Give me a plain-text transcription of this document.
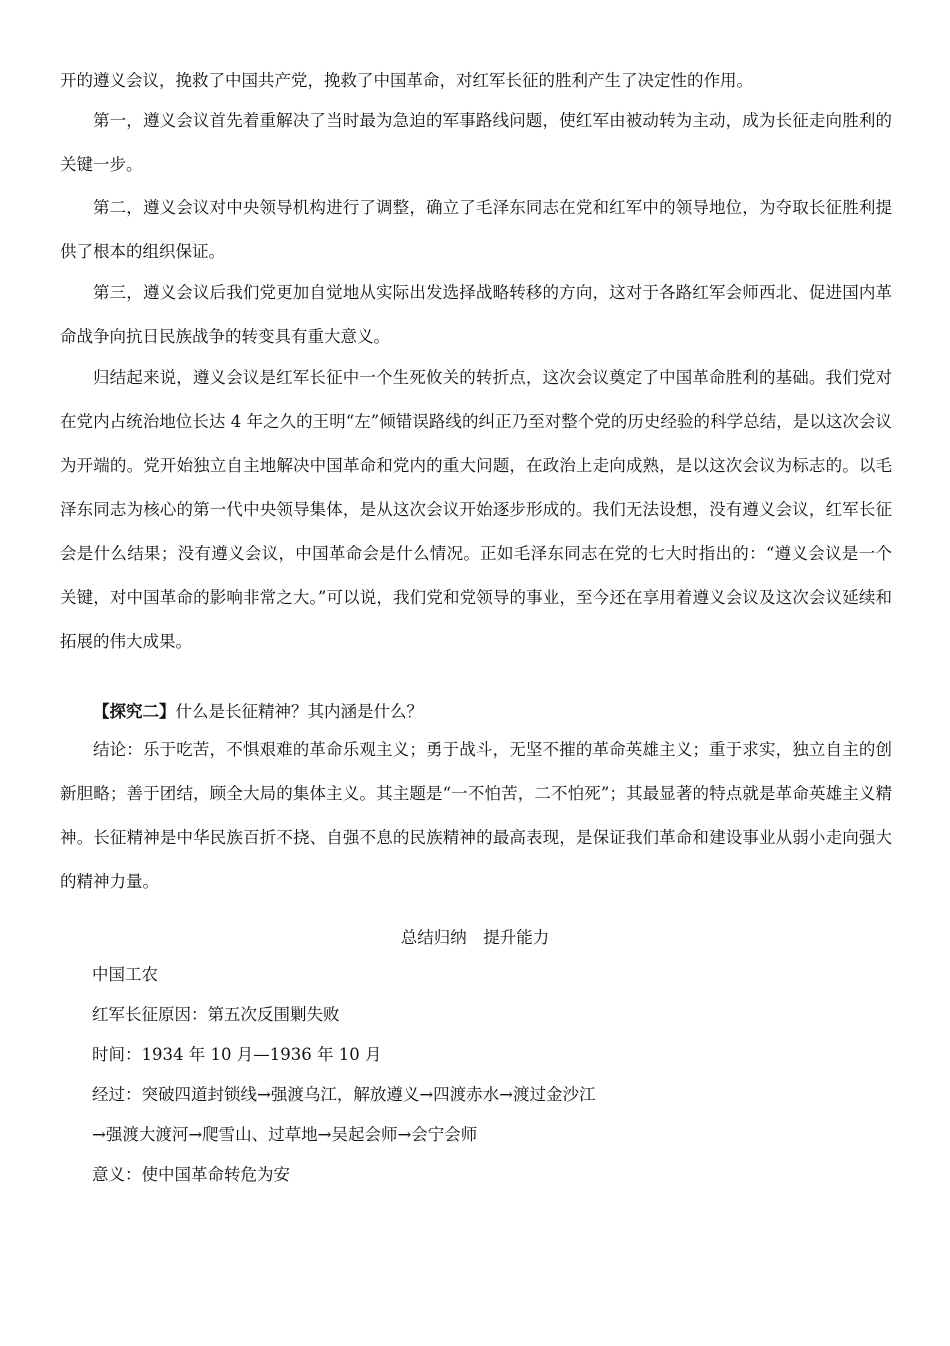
开的遵义会议，挽救了中国共产党，挽救了中国革命，对红军长征的胜利产生了决定性的作用。
第一，遵义会议首先着重解决了当时最为急迫的军事路线问题，使红军由被动转为主动，成为长征走向胜利的关键一步。
第二，遵义会议对中央领导机构进行了调整，确立了毛泽东同志在党和红军中的领导地位，为夺取长征胜利提供了根本的组织保证。
第三，遵义会议后我们党更加自觉地从实际出发选择战略转移的方向，这对于各路红军会师西北、促进国内革命战争向抗日民族战争的转变具有重大意义。
归结起来说，遵义会议是红军长征中一个生死攸关的转折点，这次会议奠定了中国革命胜利的基础。我们党对在党内占统治地位长达 4 年之久的王明“左”倾错误路线的纠正乃至对整个党的历史经验的科学总结，是以这次会议为开端的。党开始独立自主地解决中国革命和党内的重大问题，在政治上走向成熟，是以这次会议为标志的。以毛泽东同志为核心的第一代中央领导集体，是从这次会议开始逐步形成的。我们无法设想，没有遵义会议，红军长征会是什么结果；没有遵义会议，中国革命会是什么情况。正如毛泽东同志在党的七大时指出的：“遵义会议是一个关键，对中国革命的影响非常之大。”可以说，我们党和党领导的事业，至今还在享用着遵义会议及这次会议延续和拓展的伟大成果。
【探究二】什么是长征精神？其内涵是什么？
结论：乐于吃苦，不惧艰难的革命乐观主义；勇于战斗，无坚不摧的革命英雄主义；重于求实，独立自主的创新胆略；善于团结，顾全大局的集体主义。其主题是“一不怕苦，二不怕死”；其最显著的特点就是革命英雄主义精神。长征精神是中华民族百折不挠、自强不息的民族精神的最高表现，是保证我们革命和建设事业从弱小走向强大的精神力量。
总结归纳　提升能力
中国工农
红军长征原因：第五次反围剿失败
时间：1934 年 10 月—1936 年 10 月
经过：突破四道封锁线→强渡乌江，解放遵义→四渡赤水→渡过金沙江
→强渡大渡河→爬雪山、过草地→吴起会师→会宁会师
意义：使中国革命转危为安
